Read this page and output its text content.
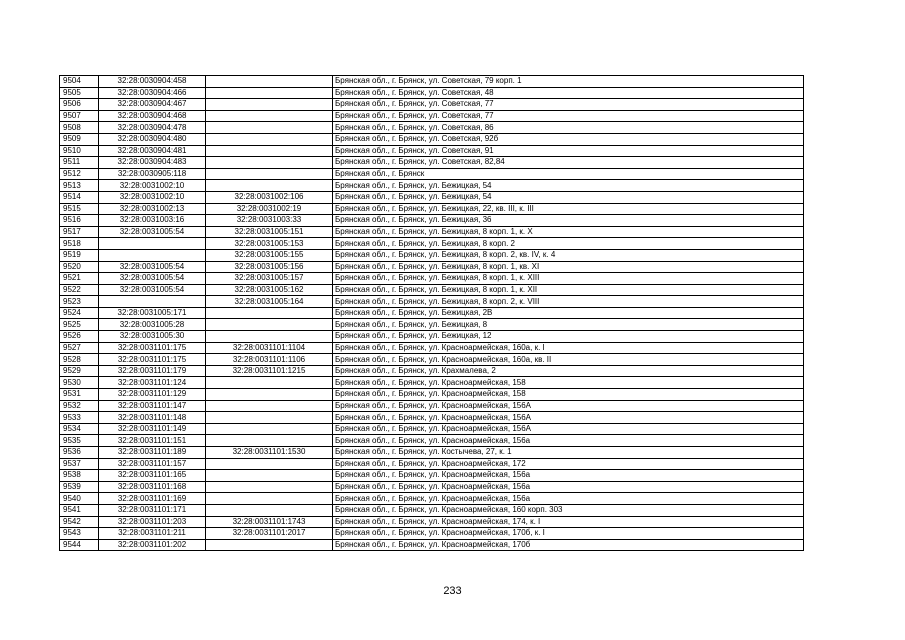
9504	32:28:0030904:458		Брянская обл., г. Брянск, ул. Советская, 79 корп. 1
9505	32:28:0030904:466		Брянская обл., г. Брянск, ул. Советская, 48
9506	32:28:0030904:467		Брянская обл., г. Брянск, ул. Советская, 77
9507	32:28:0030904:468		Брянская обл., г. Брянск, ул. Советская, 77
9508	32:28:0030904:478		Брянская обл., г. Брянск, ул. Советская, 86
9509	32:28:0030904:480		Брянская обл., г. Брянск, ул. Советская, 92б
9510	32:28:0030904:481		Брянская обл., г. Брянск, ул. Советская, 91
9511	32:28:0030904:483		Брянская обл., г. Брянск, ул. Советская, 82,84
9512	32:28:0030905:118		Брянская обл., г. Брянск
9513	32:28:0031002:10		Брянская обл., г. Брянск, ул. Бежицкая, 54
9514	32:28:0031002:10	32:28:0031002:106	Брянская обл., г. Брянск, ул. Бежицкая, 54
9515	32:28:0031002:13	32:28:0031002:19	Брянская обл., г. Брянск, ул. Бежицкая, 22, кв. III, к. III
9516	32:28:0031003:16	32:28:0031003:33	Брянская обл., г. Брянск, ул. Бежицкая, 36
9517	32:28:0031005:54	32:28:0031005:151	Брянская обл., г. Брянск, ул. Бежицкая, 8 корп. 1, к. X
9518		32:28:0031005:153	Брянская обл., г. Брянск, ул. Бежицкая, 8 корп. 2
9519		32:28:0031005:155	Брянская обл., г. Брянск, ул. Бежицкая, 8 корп. 2, кв. IV, к. 4
9520	32:28:0031005:54	32:28:0031005:156	Брянская обл., г. Брянск, ул. Бежицкая, 8 корп. 1, кв. XI
9521	32:28:0031005:54	32:28:0031005:157	Брянская обл., г. Брянск, ул. Бежицкая, 8 корп. 1, к. XIII
9522	32:28:0031005:54	32:28:0031005:162	Брянская обл., г. Брянск, ул. Бежицкая, 8 корп. 1, к. XII
9523		32:28:0031005:164	Брянская обл., г. Брянск, ул. Бежицкая, 8 корп. 2, к. VIII
9524	32:28:0031005:171		Брянская обл., г. Брянск, ул. Бежицкая, 2В
9525	32:28:0031005:28		Брянская обл., г. Брянск, ул. Бежицкая, 8
9526	32:28:0031005:30		Брянская обл., г. Брянск, ул. Бежицкая, 12
9527	32:28:0031101:175	32:28:0031101:1104	Брянская обл., г. Брянск, ул. Красноармейская, 160а, к. I
9528	32:28:0031101:175	32:28:0031101:1106	Брянская обл., г. Брянск, ул. Красноармейская, 160а, кв. II
9529	32:28:0031101:179	32:28:0031101:1215	Брянская обл., г. Брянск, ул. Крахмалева, 2
9530	32:28:0031101:124		Брянская обл., г. Брянск, ул. Красноармейская, 158
9531	32:28:0031101:129		Брянская обл., г. Брянск, ул. Красноармейская, 158
9532	32:28:0031101:147		Брянская обл., г. Брянск, ул. Красноармейская, 156А
9533	32:28:0031101:148		Брянская обл., г. Брянск, ул. Красноармейская, 156А
9534	32:28:0031101:149		Брянская обл., г. Брянск, ул. Красноармейская, 156А
9535	32:28:0031101:151		Брянская обл., г. Брянск, ул. Красноармейская, 156а
9536	32:28:0031101:189	32:28:0031101:1530	Брянская обл., г. Брянск, ул. Костычева, 27, к. 1
9537	32:28:0031101:157		Брянская обл., г. Брянск, ул. Красноармейская, 172
9538	32:28:0031101:165		Брянская обл., г. Брянск, ул. Красноармейская, 156а
9539	32:28:0031101:168		Брянская обл., г. Брянск, ул. Красноармейская, 156а
9540	32:28:0031101:169		Брянская обл., г. Брянск, ул. Красноармейская, 156а
9541	32:28:0031101:171		Брянская обл., г. Брянск, ул. Красноармейская, 160 корп. 303
9542	32:28:0031101:203	32:28:0031101:1743	Брянская обл., г. Брянск, ул. Красноармейская, 174, к. I
9543	32:28:0031101:211	32:28:0031101:2017	Брянская обл., г. Брянск, ул. Красноармейская, 170б, к. I
9544	32:28:0031101:202		Брянская обл., г. Брянск, ул. Красноармейская, 170б
233
